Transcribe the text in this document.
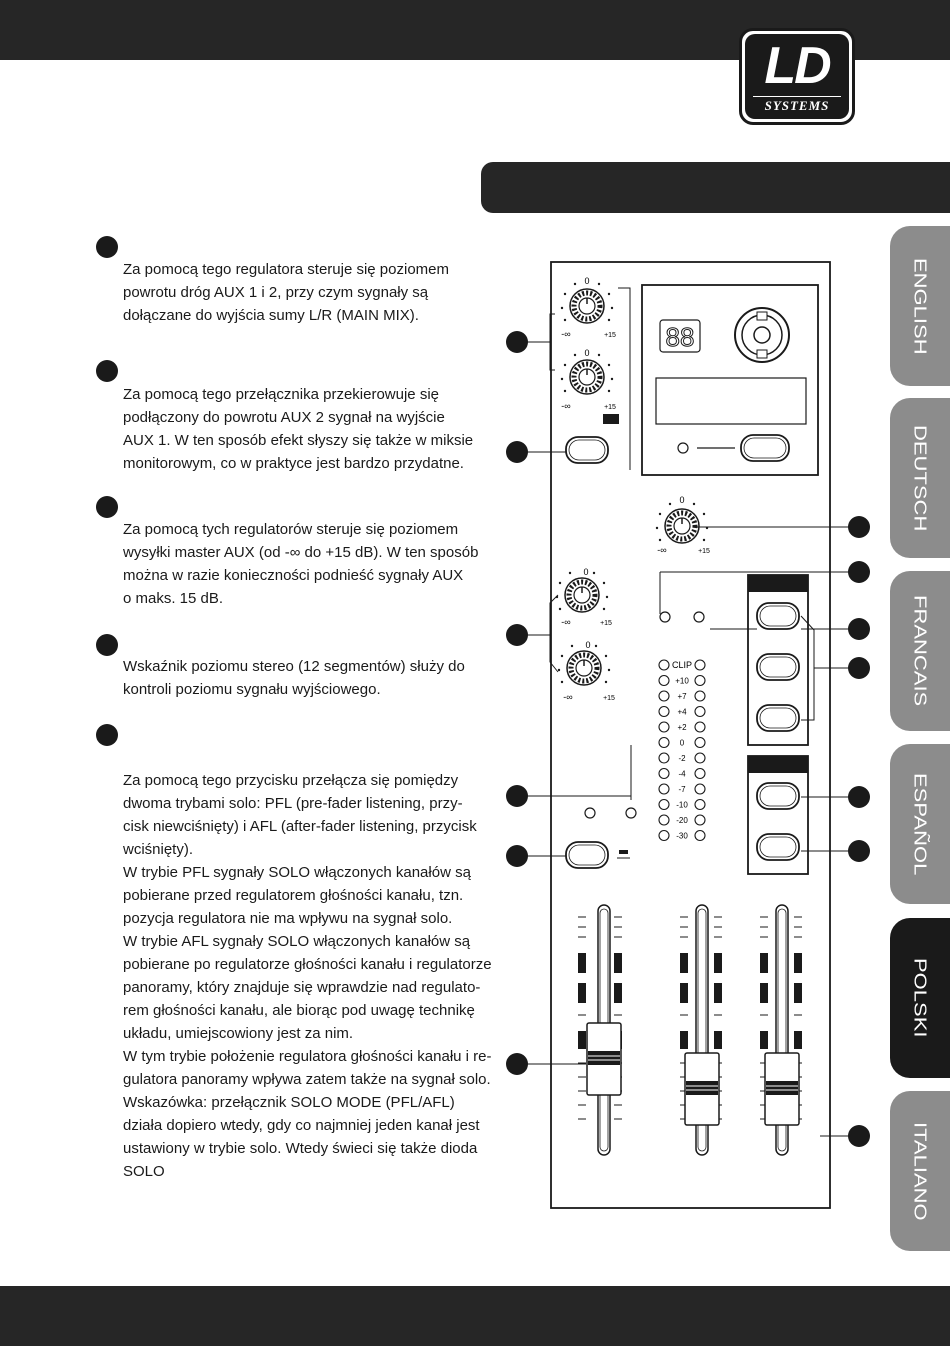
LD
SYSTEMS
ENGLISH
DEUTSCH
FRANCAIS
ESPAÑOL
POLSKI
ITALIANO

Za pomocą tego regulatora steruje się poziomem

powrotu dróg AUX 1 i 2, przy czym sygnały są

dołączane do wyjścia sumy L/R (MAIN MIX).

Za pomocą tego przełącznika przekierowuje się

podłączony do powrotu AUX 2 sygnał na wyjście

AUX 1. W ten sposób efekt słyszy się także w miksie

monitorowym, co w praktyce jest bardzo przydatne.

Za pomocą tych regulatorów steruje się poziomem

wysyłki master AUX (od -∞ do +15 dB). W ten sposób

można w razie konieczności podnieść sygnały AUX

o maks. 15 dB.

Wskaźnik poziomu stereo (12 segmentów) służy do

kontroli poziomu sygnału wyjściowego.

Za pomocą tego przycisku przełącza się pomiędzy

dwoma trybami solo: PFL (pre-fader listening, przy-

cisk niewciśnięty) i AFL (after-fader listening, przycisk

wciśnięty).

W trybie PFL sygnały SOLO włączonych kanałów są

pobierane przed regulatorem głośności kanału, tzn.

pozycja regulatora nie ma wpływu na sygnał solo.

W trybie AFL sygnały SOLO włączonych kanałów są

pobierane po regulatorze głośności kanału i regulatorze

panoramy, który znajduje się wprawdzie nad regulato-

rem głośności kanału, ale biorąc pod uwagę technikę

układu, umiejscowiony jest za nim.

W tym trybie położenie regulatora głośności kanału i re-

gulatora panoramy wpływa zatem także na sygnał solo.

Wskazówka: przełącznik SOLO MODE (PFL/AFL)

działa dopiero wtedy, gdy co najmniej jeden kanał jest

ustawiony w trybie solo. Wtedy świeci się także dioda

SOLO

0
-∞	+15
0
-∞	+15
88
0
-∞	+15
0
-∞	+15
0
-∞	+15
CLIP
+10
+7
+4
+2
0
-2
-4
-7
-10
-20
-30
